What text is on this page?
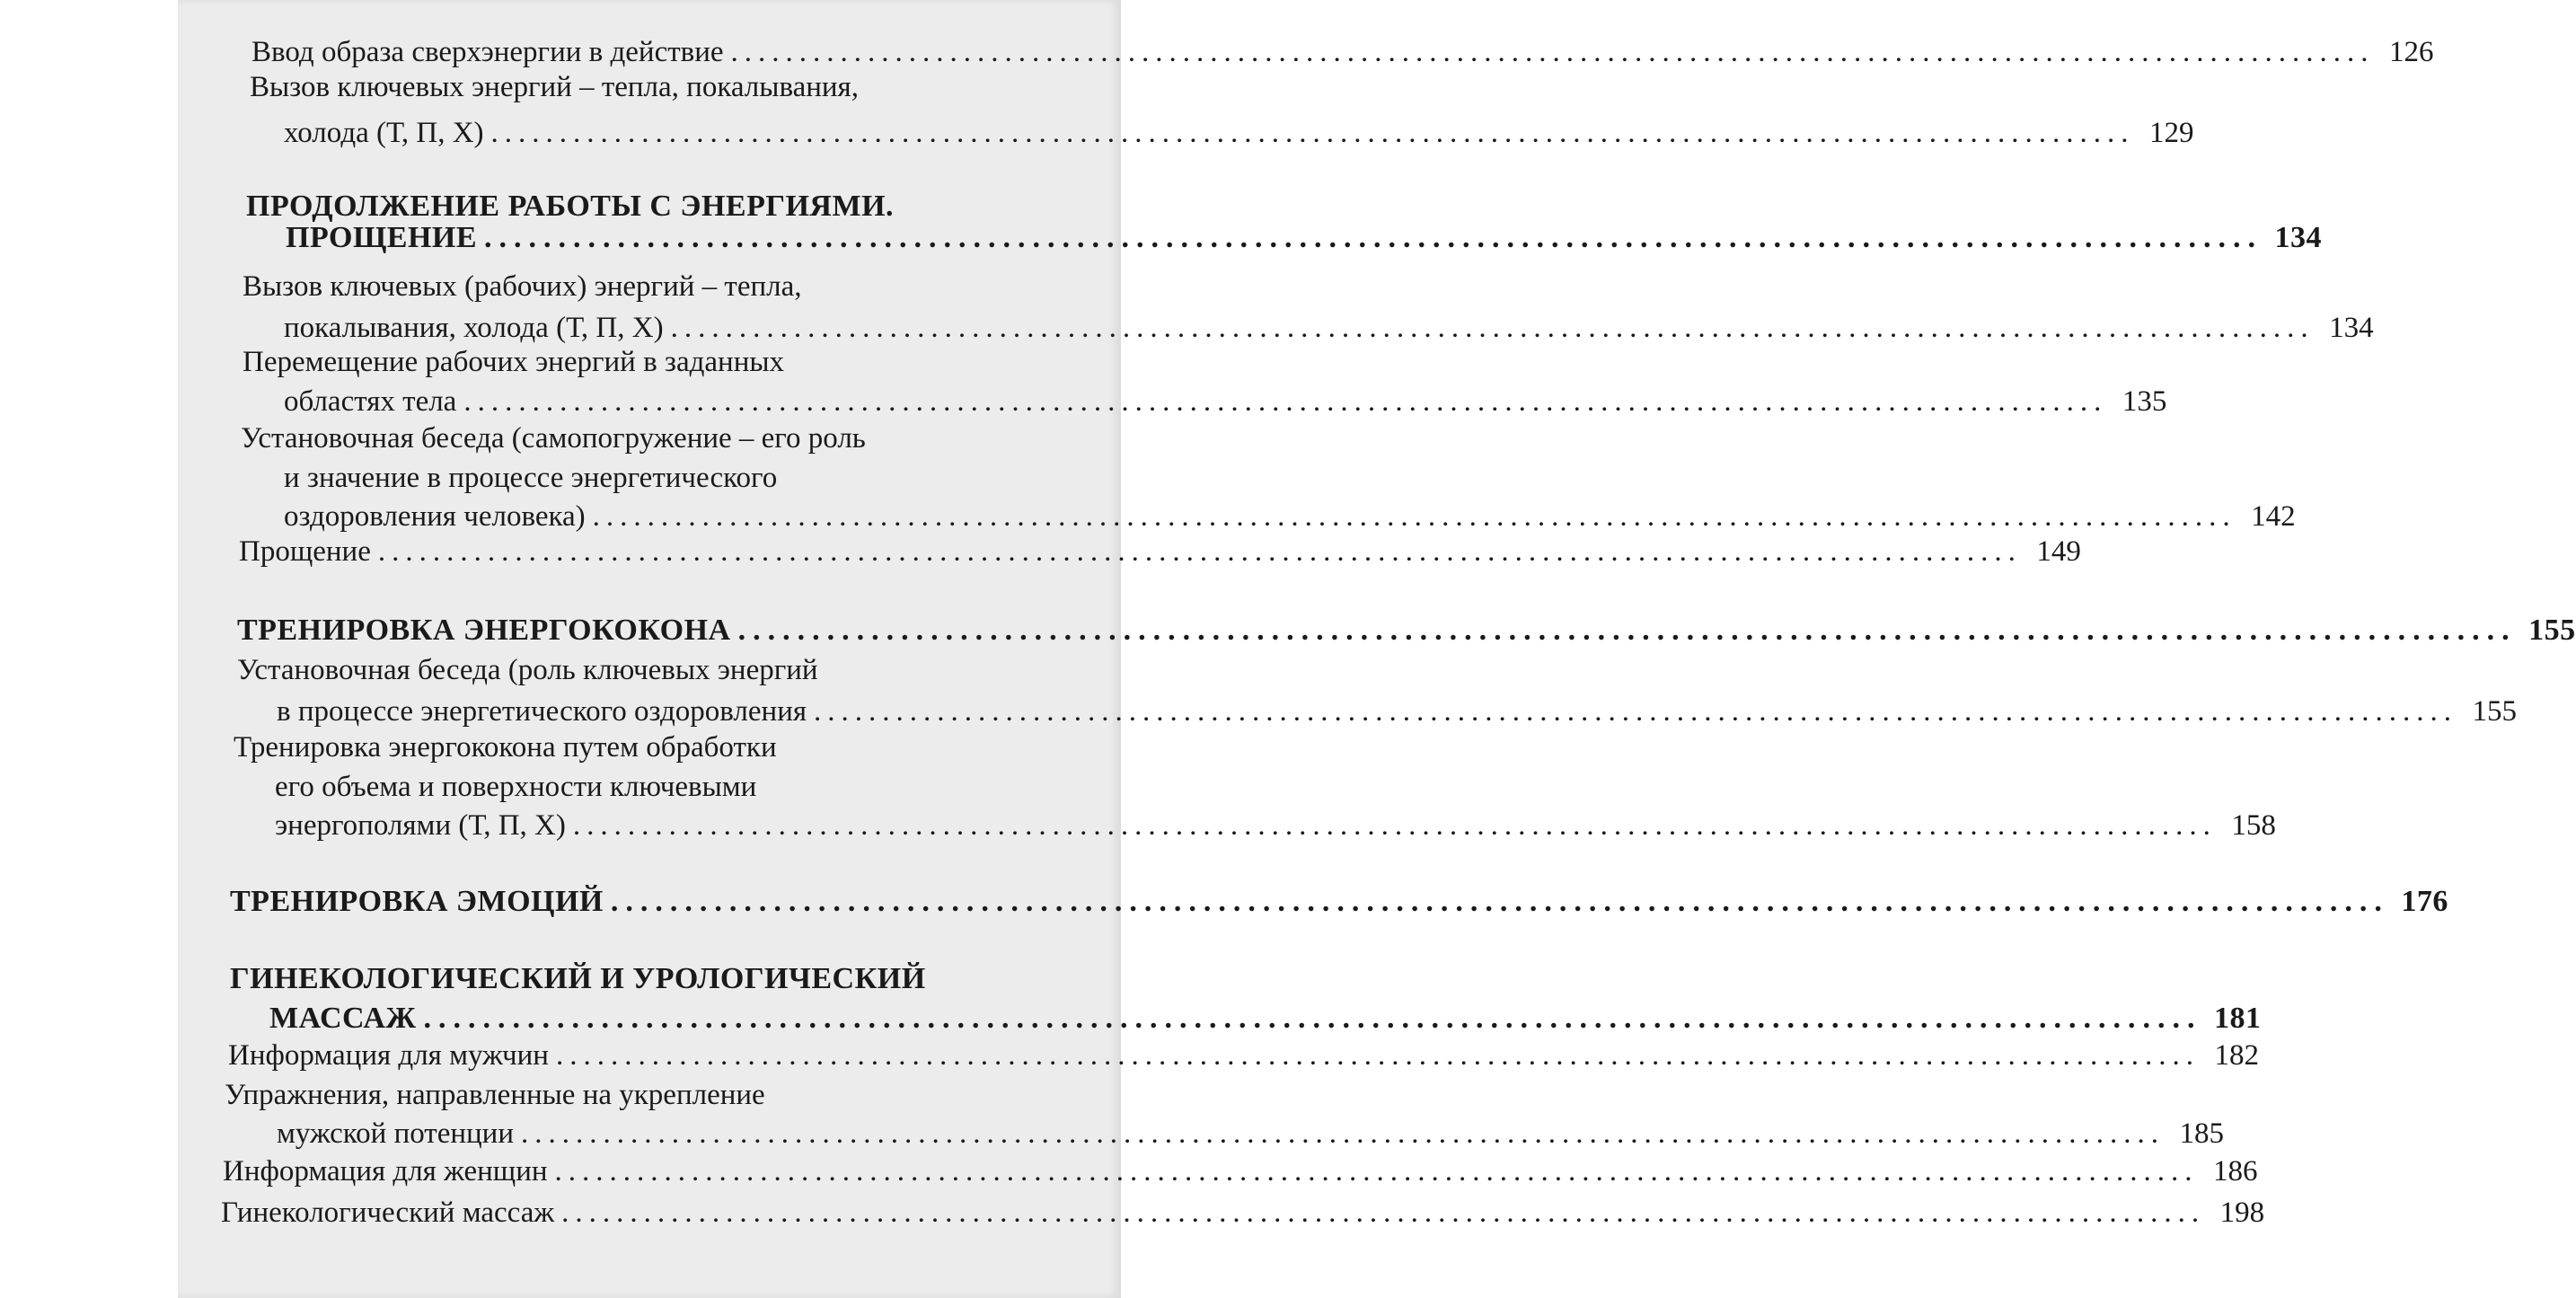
Ввод образа сверхэнергии в действие ........................................................................................................................ 126
Вызов ключевых энергий – тепла, покалывания,
холода (Т, П, Х) ........................................................................................................................ 129
ПРОДОЛЖЕНИЕ РАБОТЫ С ЭНЕРГИЯМИ.
ПРОЩЕНИЕ ........................................................................................................................ 134
Вызов ключевых (рабочих) энергий – тепла,
покалывания, холода (Т, П, Х) ........................................................................................................................ 134
Перемещение рабочих энергий в заданных
областях тела ........................................................................................................................ 135
Установочная беседа (самопогружение – его роль
и значение в процессе энергетического
оздоровления человека) ........................................................................................................................ 142
Прощение ........................................................................................................................ 149
ТРЕНИРОВКА ЭНЕРГОКОКОНА ........................................................................................................................ 155
Установочная беседа (роль ключевых энергий
в процессе энергетического оздоровления ........................................................................................................................ 155
Тренировка энергококона путем обработки
его объема и поверхности ключевыми
энергополями (Т, П, Х) ........................................................................................................................ 158
ТРЕНИРОВКА ЭМОЦИЙ ........................................................................................................................ 176
ГИНЕКОЛОГИЧЕСКИЙ И УРОЛОГИЧЕСКИЙ
МАССАЖ ........................................................................................................................ 181
Информация для мужчин ........................................................................................................................ 182
Упражнения, направленные на укрепление
мужской потенции ........................................................................................................................ 185
Информация для женщин ........................................................................................................................ 186
Гинекологический массаж ........................................................................................................................ 198
